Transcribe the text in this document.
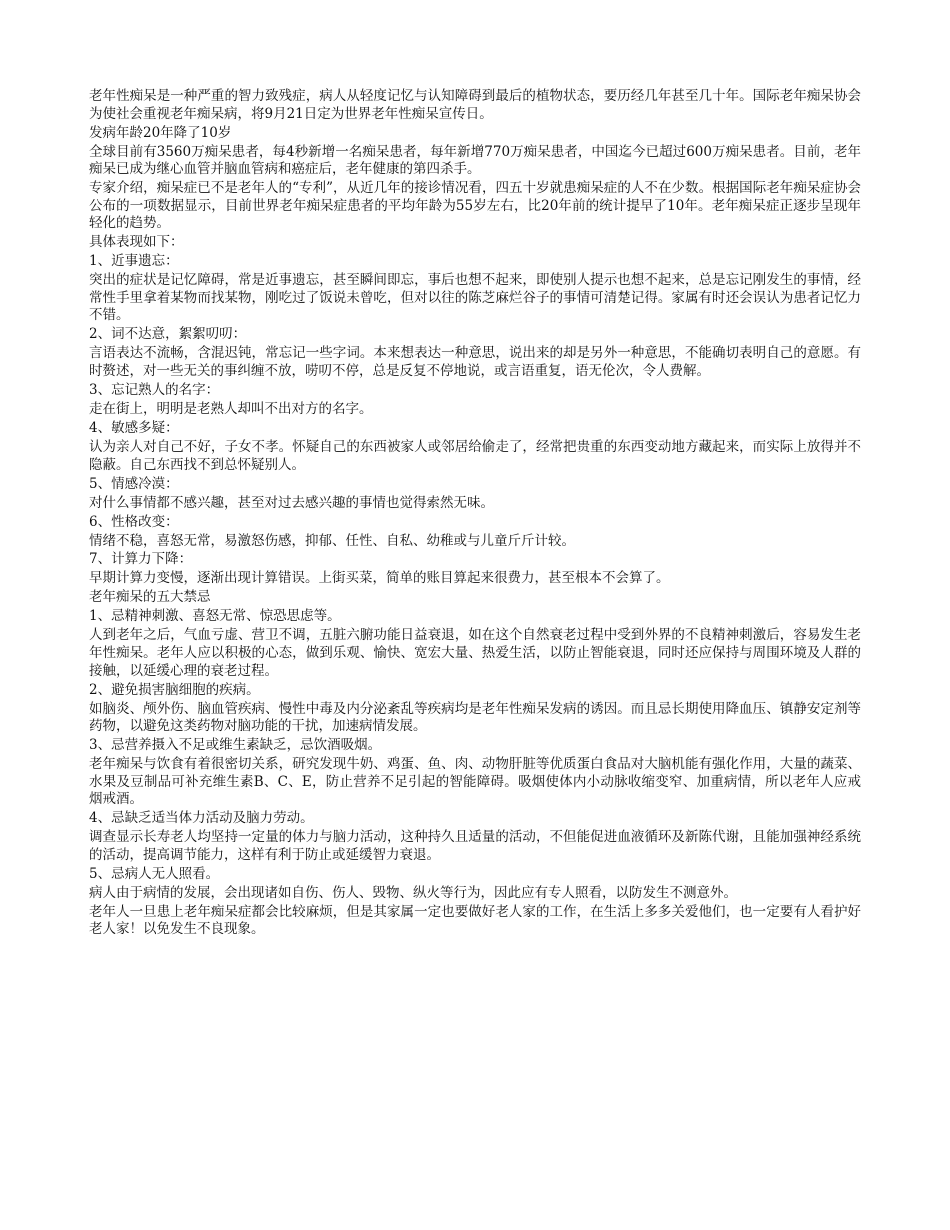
老年性痴呆是一种严重的智力致残症，病人从轻度记忆与认知障碍到最后的植物状态，要历经几年甚至几十年。国际老年痴呆协会为使社会重视老年痴呆病，将9月21日定为世界老年性痴呆宣传日。

发病年龄20年降了10岁

全球目前有3560万痴呆患者，每4秒新增一名痴呆患者，每年新增770万痴呆患者，中国迄今已超过600万痴呆患者。目前，老年痴呆已成为继心血管并脑血管病和癌症后，老年健康的第四杀手。

专家介绍，痴呆症已不是老年人的“专利”，从近几年的接诊情况看，四五十岁就患痴呆症的人不在少数。根据国际老年痴呆症协会公布的一项数据显示，目前世界老年痴呆症患者的平均年龄为55岁左右，比20年前的统计提早了10年。老年痴呆症正逐步呈现年轻化的趋势。

具体表现如下：

1、近事遗忘：

突出的症状是记忆障碍，常是近事遗忘，甚至瞬间即忘，事后也想不起来，即使别人提示也想不起来，总是忘记刚发生的事情，经常性手里拿着某物而找某物，刚吃过了饭说未曾吃，但对以往的陈芝麻烂谷子的事情可清楚记得。家属有时还会误认为患者记忆力不错。

2、词不达意，絮絮叨叨：

言语表达不流畅，含混迟钝，常忘记一些字词。本来想表达一种意思，说出来的却是另外一种意思，不能确切表明自己的意愿。有时赘述，对一些无关的事纠缠不放，唠叨不停，总是反复不停地说，或言语重复，语无伦次，令人费解。

3、忘记熟人的名字：

走在街上，明明是老熟人却叫不出对方的名字。

4、敏感多疑：

认为亲人对自己不好，子女不孝。怀疑自己的东西被家人或邻居给偷走了，经常把贵重的东西变动地方藏起来，而实际上放得并不隐蔽。自己东西找不到总怀疑别人。

5、情感冷漠：

对什么事情都不感兴趣，甚至对过去感兴趣的事情也觉得索然无味。

6、性格改变：

情绪不稳，喜怒无常，易激怒伤感，抑郁、任性、自私、幼稚或与儿童斤斤计较。

7、计算力下降：

早期计算力变慢，逐渐出现计算错误。上街买菜，简单的账目算起来很费力，甚至根本不会算了。

老年痴呆的五大禁忌

1、忌精神刺激、喜怒无常、惊恐思虑等。

人到老年之后，气血亏虚、营卫不调，五脏六腑功能日益衰退，如在这个自然衰老过程中受到外界的不良精神刺激后，容易发生老年性痴呆。老年人应以积极的心态，做到乐观、愉快、宽宏大量、热爱生活，以防止智能衰退，同时还应保持与周围环境及人群的接触，以延缓心理的衰老过程。

2、避免损害脑细胞的疾病。

如脑炎、颅外伤、脑血管疾病、慢性中毒及内分泌紊乱等疾病均是老年性痴呆发病的诱因。而且忌长期使用降血压、镇静安定剂等药物，以避免这类药物对脑功能的干扰，加速病情发展。

3、忌营养摄入不足或维生素缺乏，忌饮酒吸烟。

老年痴呆与饮食有着很密切关系，研究发现牛奶、鸡蛋、鱼、肉、动物肝脏等优质蛋白食品对大脑机能有强化作用，大量的蔬菜、水果及豆制品可补充维生素B、C、E，防止营养不足引起的智能障碍。吸烟使体内小动脉收缩变窄、加重病情，所以老年人应戒烟戒酒。

4、忌缺乏适当体力活动及脑力劳动。

调查显示长寿老人均坚持一定量的体力与脑力活动，这种持久且适量的活动，不但能促进血液循环及新陈代谢，且能加强神经系统的活动，提高调节能力，这样有利于防止或延缓智力衰退。

5、忌病人无人照看。

病人由于病情的发展，会出现诸如自伤、伤人、毁物、纵火等行为，因此应有专人照看，以防发生不测意外。

老年人一旦患上老年痴呆症都会比较麻烦，但是其家属一定也要做好老人家的工作，在生活上多多关爱他们，也一定要有人看护好老人家！以免发生不良现象。
